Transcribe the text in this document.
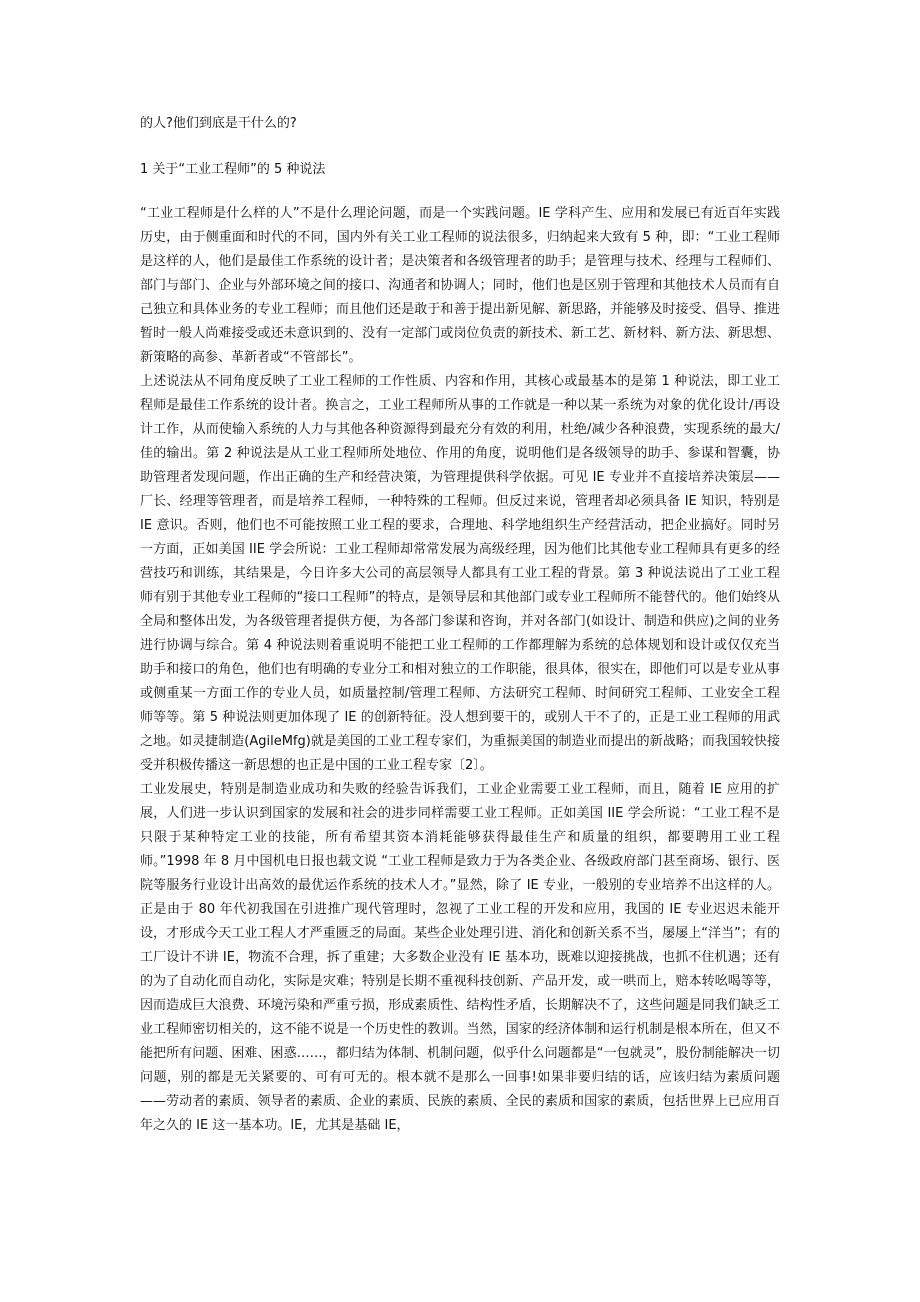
的人?他们到底是干什么的?

1 关于“工业工程师”的 5 种说法

“工业工程师是什么样的人”不是什么理论问题，而是一个实践问题。IE 学科产生、应用和发展已有近百年实践历史，由于侧重面和时代的不同，国内外有关工业工程师的说法很多，归纳起来大致有 5 种，即：“工业工程师是这样的人，他们是最佳工作系统的设计者；是决策者和各级管理者的助手；是管理与技术、经理与工程师们、部门与部门、企业与外部环境之间的接口、沟通者和协调人；同时，他们也是区别于管理和其他技术人员而有自己独立和具体业务的专业工程师；而且他们还是敢于和善于提出新见解、新思路，并能够及时接受、倡导、推进暂时一般人尚难接受或还未意识到的、没有一定部门或岗位负责的新技术、新工艺、新材料、新方法、新思想、新策略的高参、革新者或“不管部长”。

上述说法从不同角度反映了工业工程师的工作性质、内容和作用，其核心或最基本的是第 1 种说法，即工业工程师是最佳工作系统的设计者。换言之，工业工程师所从事的工作就是一种以某一系统为对象的优化设计/再设计工作，从而使输入系统的人力与其他各种资源得到最充分有效的利用，杜绝/减少各种浪费，实现系统的最大/佳的输出。第 2 种说法是从工业工程师所处地位、作用的角度，说明他们是各级领导的助手、参谋和智囊，协助管理者发现问题，作出正确的生产和经营决策，为管理提供科学依据。可见 IE 专业并不直接培养决策层——厂长、经理等管理者，而是培养工程师，一种特殊的工程师。但反过来说，管理者却必须具备 IE 知识，特别是 IE 意识。否则，他们也不可能按照工业工程的要求，合理地、科学地组织生产经营活动，把企业搞好。同时另一方面，正如美国 IIE 学会所说：工业工程师却常常发展为高级经理，因为他们比其他专业工程师具有更多的经营技巧和训练，其结果是，今日许多大公司的高层领导人都具有工业工程的背景。第 3 种说法说出了工业工程师有别于其他专业工程师的“接口工程师”的特点，是领导层和其他部门或专业工程师所不能替代的。他们始终从全局和整体出发，为各级管理者提供方便，为各部门参谋和咨询，并对各部门(如设计、制造和供应)之间的业务进行协调与综合。第 4 种说法则着重说明不能把工业工程师的工作都理解为系统的总体规划和设计或仅仅充当助手和接口的角色，他们也有明确的专业分工和相对独立的工作职能，很具体，很实在，即他们可以是专业从事或侧重某一方面工作的专业人员，如质量控制/管理工程师、方法研究工程师、时间研究工程师、工业安全工程师等等。第 5 种说法则更加体现了 IE 的创新特征。没人想到要干的，或别人干不了的，正是工业工程师的用武之地。如灵捷制造(AgileMfg)就是美国的工业工程专家们，为重振美国的制造业而提出的新战略；而我国较快接受并积极传播这一新思想的也正是中国的工业工程专家〔2〕。

工业发展史，特别是制造业成功和失败的经验告诉我们，工业企业需要工业工程师，而且，随着 IE 应用的扩展，人们进一步认识到国家的发展和社会的进步同样需要工业工程师。正如美国 IIE 学会所说：“工业工程不是只限于某种特定工业的技能，所有希望其资本消耗能够获得最佳生产和质量的组织，都要聘用工业工程师。”1998 年 8 月中国机电日报也载文说 “工业工程师是致力于为各类企业、各级政府部门甚至商场、银行、医院等服务行业设计出高效的最优运作系统的技术人才。”显然，除了 IE 专业，一般别的专业培养不出这样的人。正是由于 80 年代初我国在引进推广现代管理时，忽视了工业工程的开发和应用，我国的 IE 专业迟迟未能开设，才形成今天工业工程人才严重匮乏的局面。某些企业处理引进、消化和创新关系不当，屡屡上“洋当”；有的工厂设计不讲 IE，物流不合理，拆了重建；大多数企业没有 IE 基本功，既难以迎接挑战，也抓不住机遇；还有的为了自动化而自动化，实际是灾难；特别是长期不重视科技创新、产品开发，或一哄而上，赔本转吆喝等等，因而造成巨大浪费、环境污染和严重亏损，形成素质性、结构性矛盾，长期解决不了，这些问题是同我们缺乏工业工程师密切相关的，这不能不说是一个历史性的教训。当然，国家的经济体制和运行机制是根本所在，但又不能把所有问题、困难、困惑……，都归结为体制、机制问题，似乎什么问题都是“一包就灵”，股份制能解决一切问题，别的都是无关紧要的、可有可无的。根本就不是那么一回事!如果非要归结的话，应该归结为素质问题——劳动者的素质、领导者的素质、企业的素质、民族的素质、全民的素质和国家的素质，包括世界上已应用百年之久的 IE 这一基本功。IE，尤其是基础 IE，
